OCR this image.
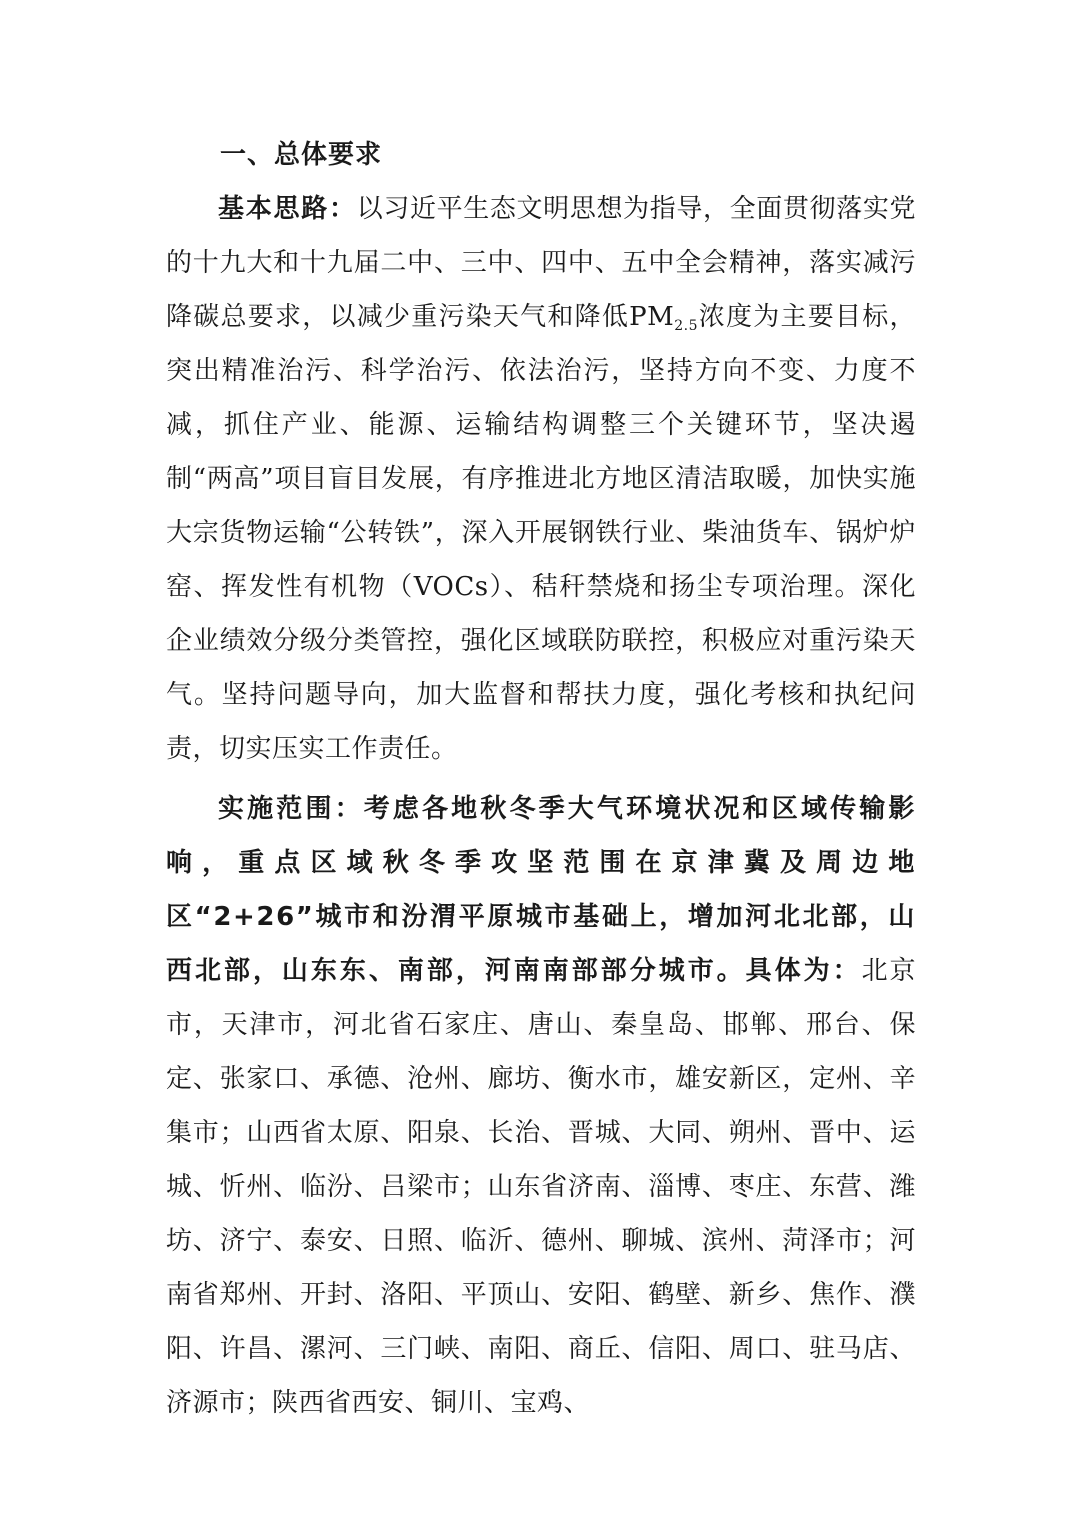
一、总体要求

基本思路：以习近平生态文明思想为指导，全面贯彻落实党的十九大和十九届二中、三中、四中、五中全会精神，落实减污降碳总要求，以减少重污染天气和降低$PM_{2.5}$浓度为主要目标，突出精准治污、科学治污、依法治污，坚持方向不变、力度不减，抓住产业、能源、运输结构调整三个关键环节，坚决遏制“两高”项目盲目发展，有序推进北方地区清洁取暖，加快实施大宗货物运输“公转铁”，深入开展钢铁行业、柴油货车、锅炉炉窑、挥发性有机物（VOCs）、秸秆禁烧和扬尘专项治理。深化企业绩效分级分类管控，强化区域联防联控，积极应对重污染天气。坚持问题导向，加大监督和帮扶力度，强化考核和执纪问责，切实压实工作责任。

实施范围：考虑各地秋冬季大气环境状况和区域传输影响，重点区域秋冬季攻坚范围在京津冀及周边地区“2+26”城市和汾渭平原城市基础上，增加河北北部，山西北部，山东东、南部，河南南部部分城市。具体为：北京市，天津市，河北省石家庄、唐山、秦皇岛、邯郸、邢台、保定、张家口、承德、沧州、廊坊、衡水市，雄安新区，定州、辛集市；山西省太原、阳泉、长治、晋城、大同、朔州、晋中、运城、忻州、临汾、吕梁市；山东省济南、淄博、枣庄、东营、潍坊、济宁、泰安、日照、临沂、德州、聊城、滨州、菏泽市；河南省郑州、开封、洛阳、平顶山、安阳、鹤壁、新乡、焦作、濮阳、许昌、漯河、三门峡、南阳、商丘、信阳、周口、驻马店、济源市；陕西省西安、铜川、宝鸡、
